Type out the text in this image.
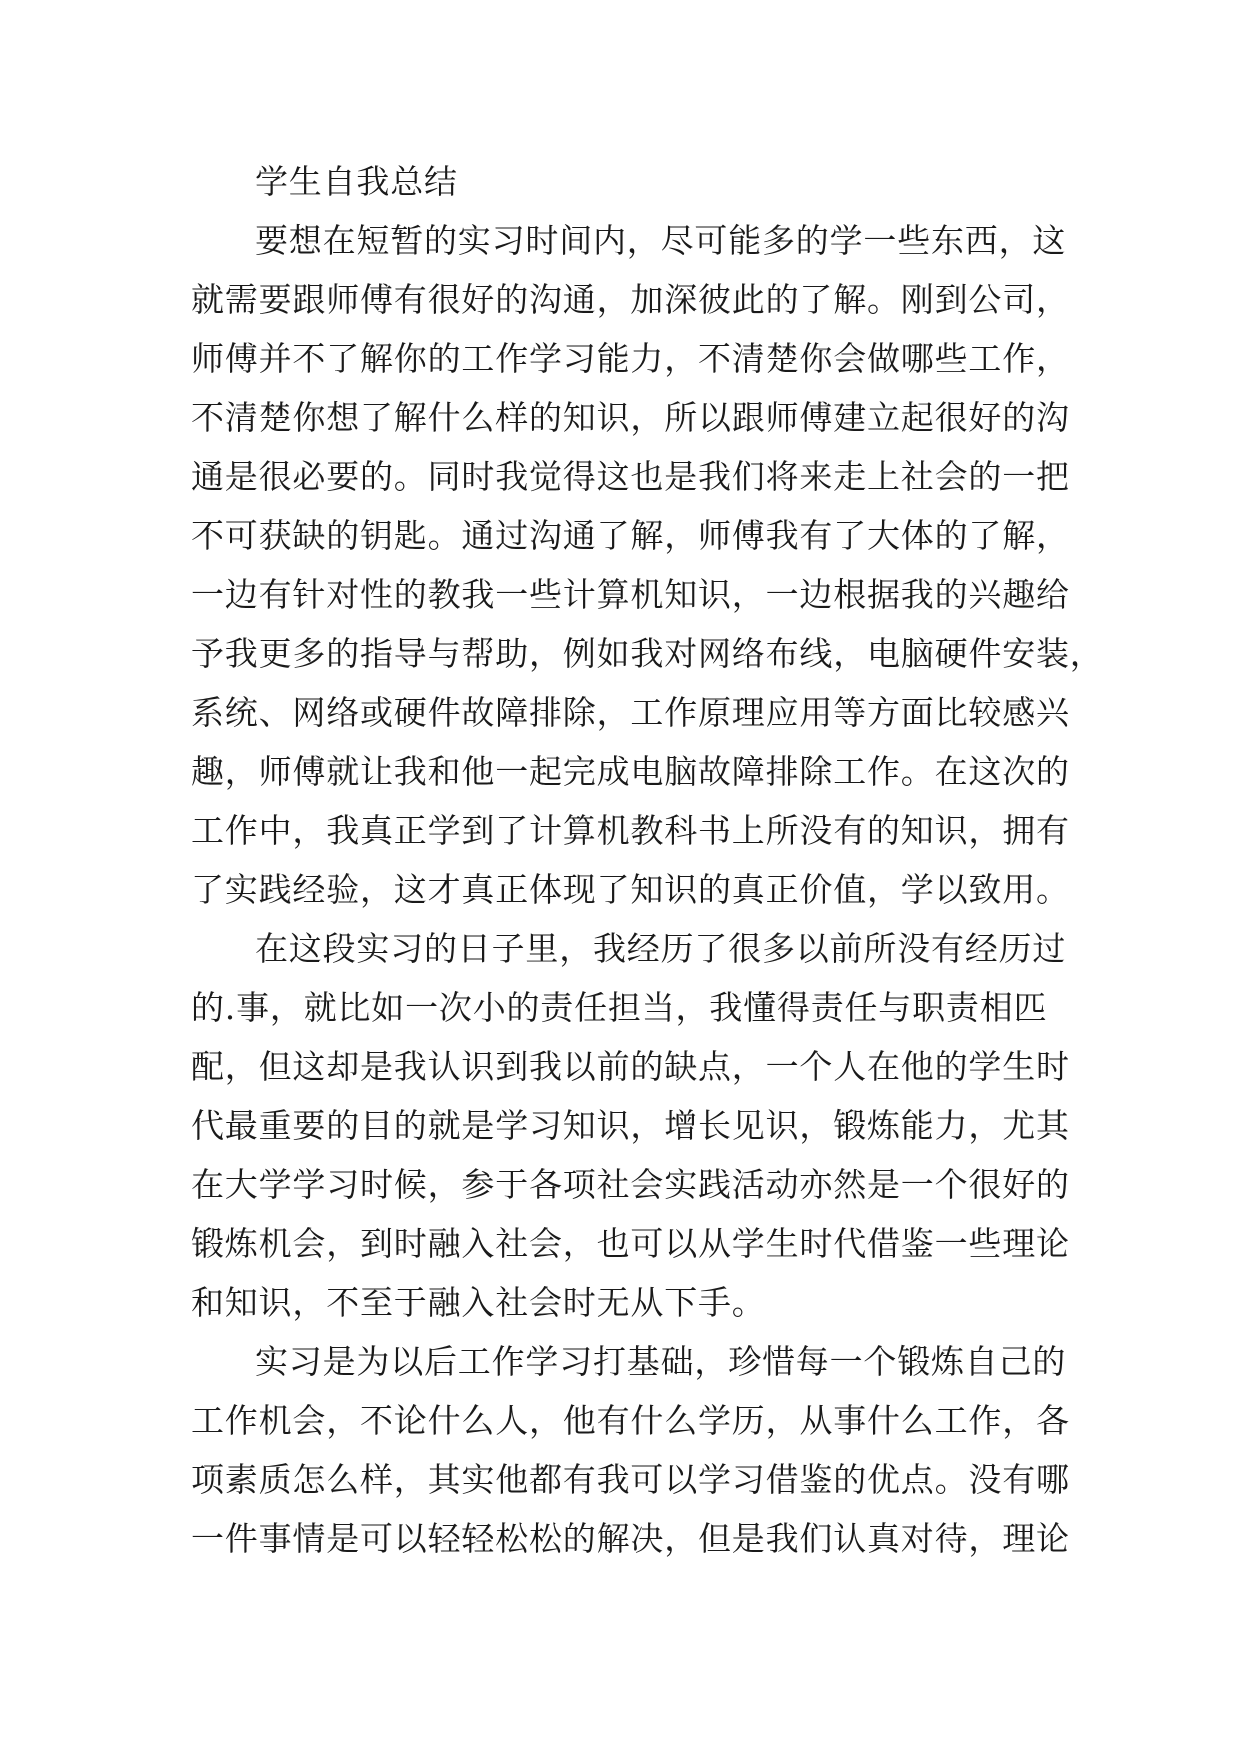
学生自我总结
要想在短暂的实习时间内，尽可能多的学一些东西，这
就需要跟师傅有很好的沟通，加深彼此的了解。刚到公司，
师傅并不了解你的工作学习能力，不清楚你会做哪些工作，
不清楚你想了解什么样的知识，所以跟师傅建立起很好的沟
通是很必要的。同时我觉得这也是我们将来走上社会的一把
不可获缺的钥匙。通过沟通了解，师傅我有了大体的了解，
一边有针对性的教我一些计算机知识，一边根据我的兴趣给
予我更多的指导与帮助，例如我对网络布线，电脑硬件安装，
系统、网络或硬件故障排除，工作原理应用等方面比较感兴
趣，师傅就让我和他一起完成电脑故障排除工作。在这次的
工作中，我真正学到了计算机教科书上所没有的知识，拥有
了实践经验，这才真正体现了知识的真正价值，学以致用。
在这段实习的日子里，我经历了很多以前所没有经历过
的.事，就比如一次小的责任担当，我懂得责任与职责相匹
配，但这却是我认识到我以前的缺点，一个人在他的学生时
代最重要的目的就是学习知识，增长见识，锻炼能力，尤其
在大学学习时候，参于各项社会实践活动亦然是一个很好的
锻炼机会，到时融入社会，也可以从学生时代借鉴一些理论
和知识，不至于融入社会时无从下手。
实习是为以后工作学习打基础，珍惜每一个锻炼自己的
工作机会，不论什么人，他有什么学历，从事什么工作，各
项素质怎么样，其实他都有我可以学习借鉴的优点。没有哪
一件事情是可以轻轻松松的解决，但是我们认真对待，理论
